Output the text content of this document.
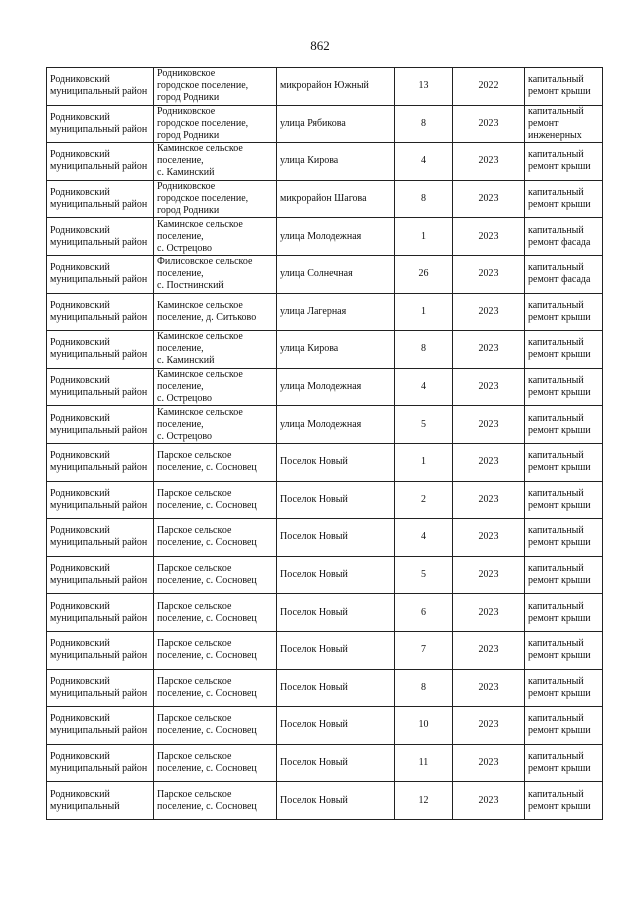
862
Родниковский муниципальный район	Родниковское
городское поселение,
город Родники	микрорайон Южный	13	2022	капитальный
ремонт крыши

Родниковский муниципальный район	Родниковское
городское поселение,
город Родники	улица Рябикова	8	2023	капитальный
ремонт
инженерных

Родниковский муниципальный район	Каминское сельское
поселение,
с. Каминский	улица Кирова	4	2023	капитальный
ремонт крыши

Родниковский муниципальный район	Родниковское
городское поселение,
город Родники	микрорайон Шагова	8	2023	капитальный
ремонт крыши

Родниковский муниципальный район	Каминское сельское
поселение,
с. Острецово	улица Молодежная	1	2023	капитальный
ремонт фасада

Родниковский муниципальный район	Филисовское сельское
поселение,
с. Постнинский	улица Солнечная	26	2023	капитальный
ремонт фасада

Родниковский муниципальный район	Каминское сельское
поселение, д. Ситьково	улица Лагерная	1	2023	капитальный
ремонт крыши

Родниковский муниципальный район	Каминское сельское
поселение,
с. Каминский	улица Кирова	8	2023	капитальный
ремонт крыши

Родниковский муниципальный район	Каминское сельское
поселение,
с. Острецово	улица Молодежная	4	2023	капитальный
ремонт крыши

Родниковский муниципальный район	Каминское сельское
поселение,
с. Острецово	улица Молодежная	5	2023	капитальный
ремонт крыши

Родниковский муниципальный район	Парское сельское
поселение, с. Сосновец	Поселок Новый	1	2023	капитальный
ремонт крыши

Родниковский муниципальный район	Парское сельское
поселение, с. Сосновец	Поселок Новый	2	2023	капитальный
ремонт крыши

Родниковский муниципальный район	Парское сельское
поселение, с. Сосновец	Поселок Новый	4	2023	капитальный
ремонт крыши

Родниковский муниципальный район	Парское сельское
поселение, с. Сосновец	Поселок Новый	5	2023	капитальный
ремонт крыши

Родниковский муниципальный район	Парское сельское
поселение, с. Сосновец	Поселок Новый	6	2023	капитальный
ремонт крыши

Родниковский муниципальный район	Парское сельское
поселение, с. Сосновец	Поселок Новый	7	2023	капитальный
ремонт крыши

Родниковский муниципальный район	Парское сельское
поселение, с. Сосновец	Поселок Новый	8	2023	капитальный
ремонт крыши

Родниковский муниципальный район	Парское сельское
поселение, с. Сосновец	Поселок Новый	10	2023	капитальный
ремонт крыши

Родниковский муниципальный район	Парское сельское
поселение, с. Сосновец	Поселок Новый	11	2023	капитальный
ремонт крыши

Родниковский муниципальный	Парское сельское
поселение, с. Сосновец	Поселок Новый	12	2023	капитальный
ремонт крыши
